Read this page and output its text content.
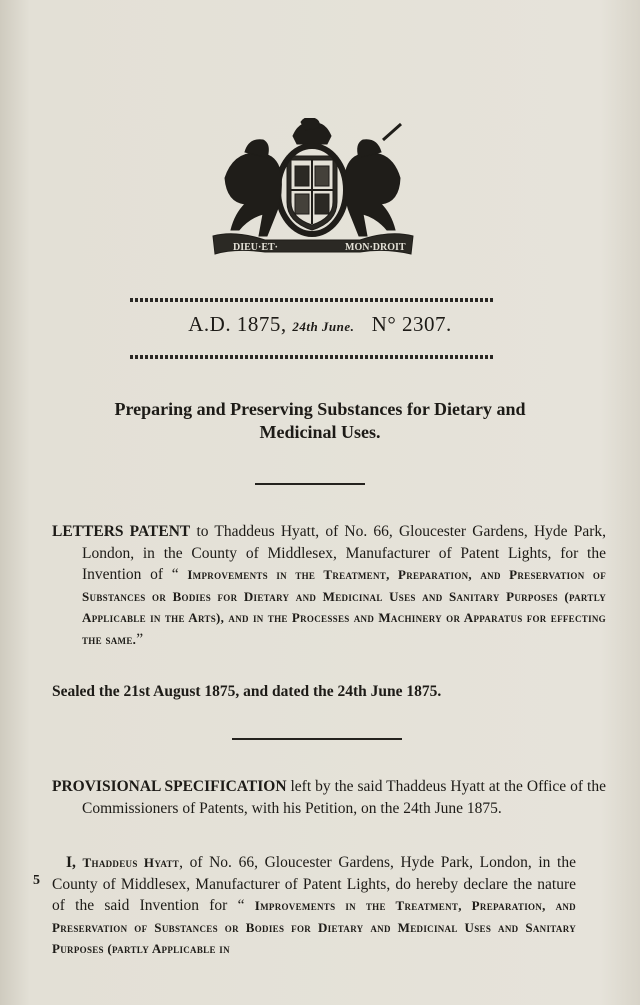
DIEU·ET·	MON·DROIT
A.D. 1875, 24th June. N° 2307.
Preparing and Preserving Substances for Dietary and
Medicinal Uses.
LETTERS PATENT to Thaddeus Hyatt, of No. 66, Gloucester Gardens, Hyde Park, London, in the County of Middlesex, Manufacturer of Patent Lights, for the Invention of “ Improvements in the Treatment, Preparation, and Preservation of Substances or Bodies for Dietary and Medicinal Uses and Sanitary Purposes (partly Applicable in the Arts), and in the Processes and Machinery or Apparatus for effecting the same.”
Sealed the 21st August 1875, and dated the 24th June 1875.
PROVISIONAL SPECIFICATION left by the said Thaddeus Hyatt at the Office of the Commissioners of Patents, with his Petition, on the 24th June 1875.
5
I, Thaddeus Hyatt, of No. 66, Gloucester Gardens, Hyde Park, London, in the County of Middlesex, Manufacturer of Patent Lights, do hereby declare the nature of the said Invention for “ Improvements in the Treatment, Preparation, and Preservation of Substances or Bodies for Dietary and Medicinal Uses and Sanitary Purposes (partly Applicable in
